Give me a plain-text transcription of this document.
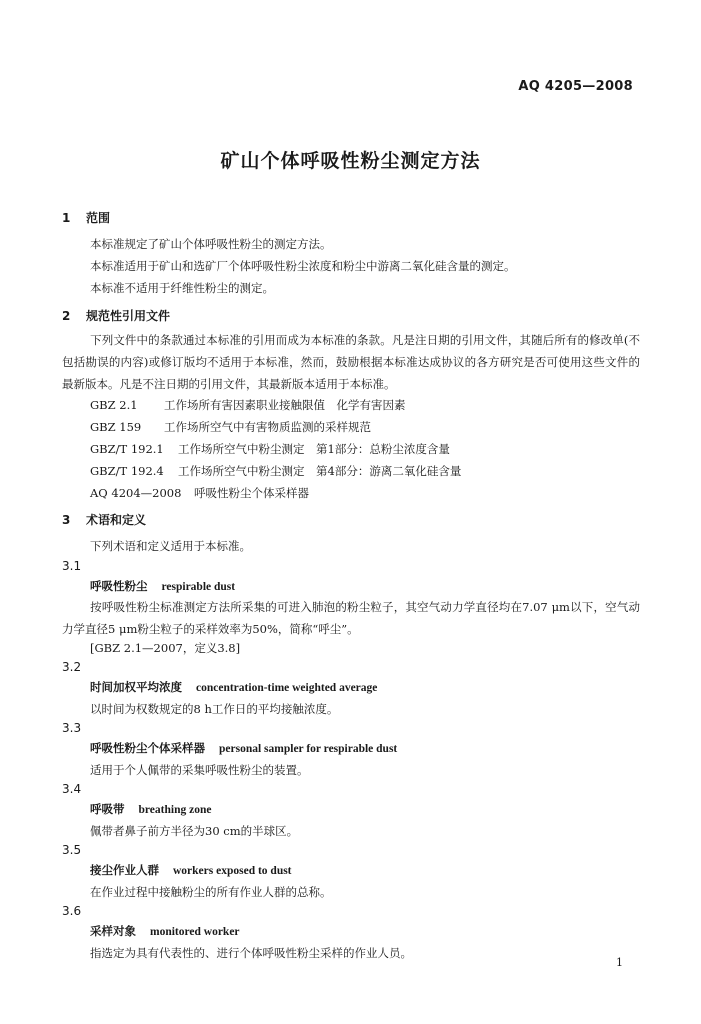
AQ 4205—2008
矿山个体呼吸性粉尘测定方法
1 范围
本标准规定了矿山个体呼吸性粉尘的测定方法。
本标准适用于矿山和选矿厂个体呼吸性粉尘浓度和粉尘中游离二氧化硅含量的测定。
本标准不适用于纤维性粉尘的测定。
2 规范性引用文件
下列文件中的条款通过本标准的引用而成为本标准的条款。凡是注日期的引用文件，其随后所有的修改单(不包括勘误的内容)或修订版均不适用于本标准，然而，鼓励根据本标准达成协议的各方研究是否可使用这些文件的最新版本。凡是不注日期的引用文件，其最新版本适用于本标准。
GBZ 2.1 工作场所有害因素职业接触限值　化学有害因素
GBZ 159 工作场所空气中有害物质监测的采样规范
GBZ/T 192.1 工作场所空气中粉尘测定　第1部分：总粉尘浓度含量
GBZ/T 192.4 工作场所空气中粉尘测定　第4部分：游离二氧化硅含量
AQ 4204—2008 呼吸性粉尘个体采样器
3 术语和定义
下列术语和定义适用于本标准。
3.1
呼吸性粉尘 respirable dust
按呼吸性粉尘标准测定方法所采集的可进入肺泡的粉尘粒子，其空气动力学直径均在7.07 μm以下，空气动力学直径5 μm粉尘粒子的采样效率为50%，简称“呼尘”。
[GBZ 2.1—2007，定义3.8]
3.2
时间加权平均浓度 concentration-time weighted average
以时间为权数规定的8 h工作日的平均接触浓度。
3.3
呼吸性粉尘个体采样器 personal sampler for respirable dust
适用于个人佩带的采集呼吸性粉尘的装置。
3.4
呼吸带 breathing zone
佩带者鼻子前方半径为30 cm的半球区。
3.5
接尘作业人群 workers exposed to dust
在作业过程中接触粉尘的所有作业人群的总称。
3.6
采样对象 monitored worker
指选定为具有代表性的、进行个体呼吸性粉尘采样的作业人员。
1
